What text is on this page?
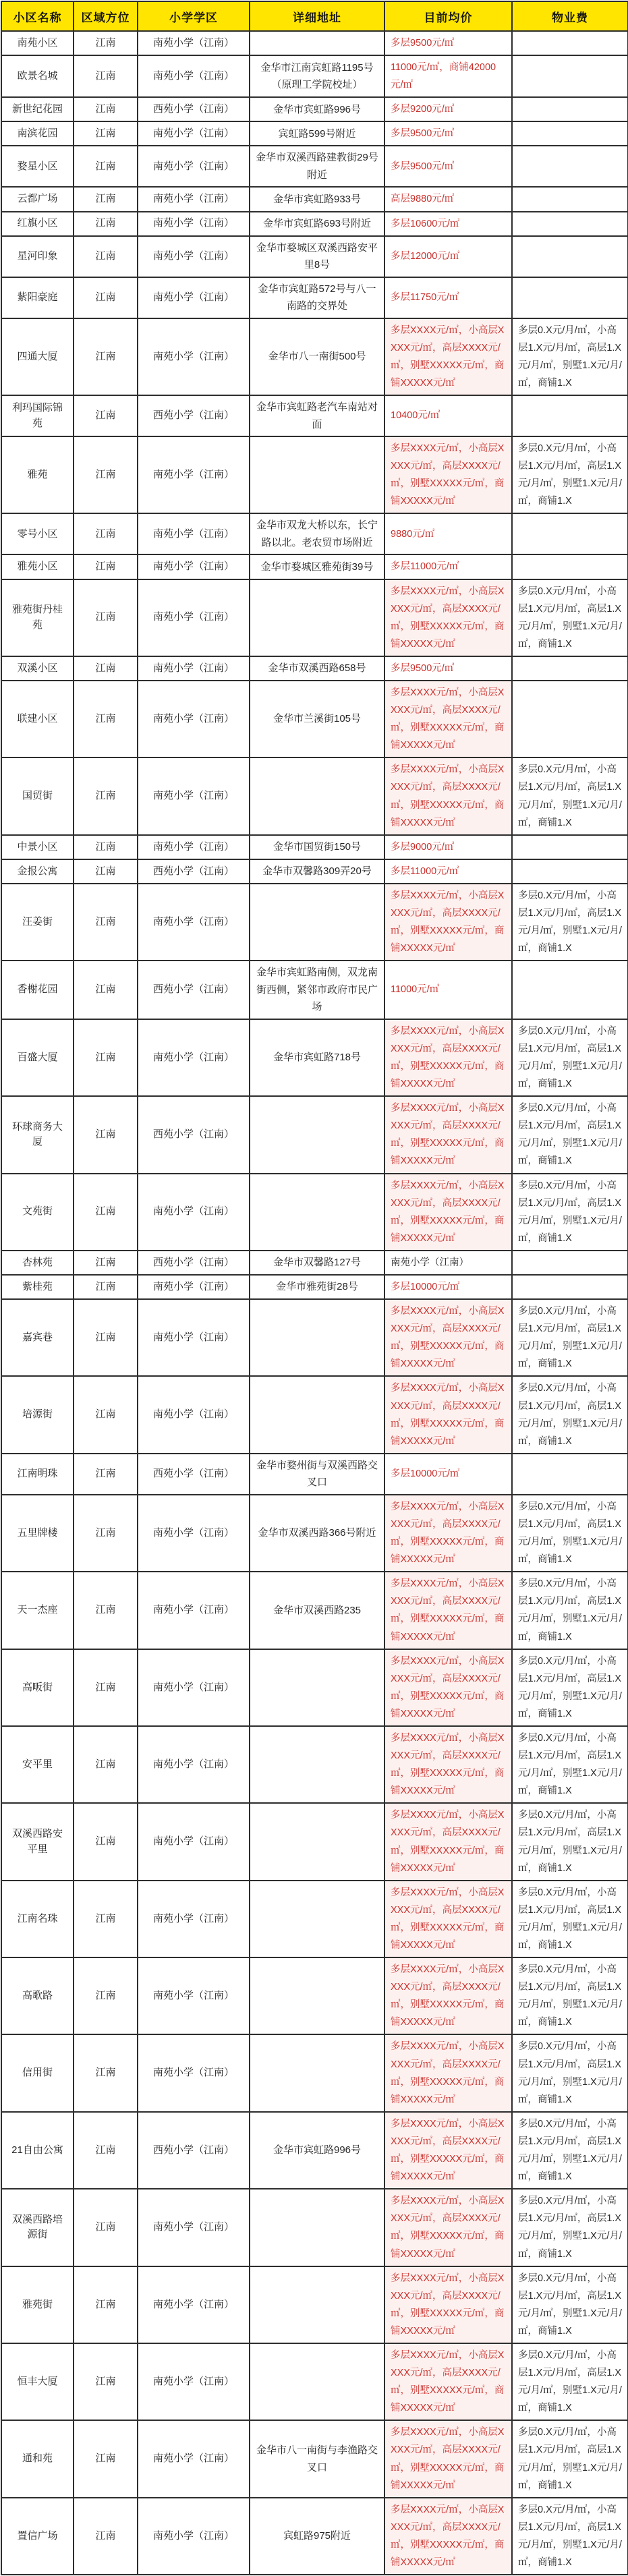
小区名称	区域方位	小学学区	详细地址	目前均价	物业费
南苑小区	江南	南苑小学（江南）		多层9500元/㎡	
欧景名城	江南	南苑小学（江南）	金华市江南宾虹路1195号（原理工学院校址）	11000元/㎡，商铺42000元/㎡	
新世纪花园	江南	西苑小学（江南）	金华市宾虹路996号	多层9200元/㎡	
南滨花园	江南	南苑小学（江南）	宾虹路599号附近	多层9500元/㎡	
婺星小区	江南	南苑小学（江南）	金华市双溪西路建教街29号附近	多层9500元/㎡	
云都广场	江南	南苑小学（江南）	金华市宾虹路933号	高层9880元/㎡	
红旗小区	江南	南苑小学（江南）	金华市宾虹路693号附近	多层10600元/㎡	
星河印象	江南	南苑小学（江南）	金华市婺城区双溪西路安平里8号	多层12000元/㎡	
紫阳豪庭	江南	南苑小学（江南）	金华市宾虹路572号与八一南路的交界处	多层11750元/㎡	
四通大厦	江南	南苑小学（江南）	金华市八一南街500号	多层XXXX元/㎡，小高层XXXX元/㎡，高层XXXX元/㎡，别墅XXXXX元/㎡，商铺XXXXX元/㎡	多层0.X元/月/㎡，小高层1.X元/月/㎡，高层1.X元/月/㎡，别墅1.X元/月/㎡，商铺1.X
利玛国际锦苑	江南	西苑小学（江南）	金华市宾虹路老汽车南站对面	10400元/㎡	
雅苑	江南	南苑小学（江南）		多层XXXX元/㎡，小高层XXXX元/㎡，高层XXXX元/㎡，别墅XXXXX元/㎡，商铺XXXXX元/㎡	多层0.X元/月/㎡，小高层1.X元/月/㎡，高层1.X元/月/㎡，别墅1.X元/月/㎡，商铺1.X
零号小区	江南	南苑小学（江南）	金华市双龙大桥以东，长宁路以北。老农贸市场附近	9880元/㎡	
雅苑小区	江南	南苑小学（江南）	金华市婺城区雅苑街39号	多层11000元/㎡	
雅苑街丹桂苑	江南	南苑小学（江南）		多层XXXX元/㎡，小高层XXXX元/㎡，高层XXXX元/㎡，别墅XXXXX元/㎡，商铺XXXXX元/㎡	多层0.X元/月/㎡，小高层1.X元/月/㎡，高层1.X元/月/㎡，别墅1.X元/月/㎡，商铺1.X
双溪小区	江南	南苑小学（江南）	金华市双溪西路658号	多层9500元/㎡	
联建小区	江南	南苑小学（江南）	金华市兰溪街105号	多层XXXX元/㎡，小高层XXXX元/㎡，高层XXXX元/㎡，别墅XXXXX元/㎡，商铺XXXXX元/㎡	
国贸街	江南	南苑小学（江南）		多层XXXX元/㎡，小高层XXXX元/㎡，高层XXXX元/㎡，别墅XXXXX元/㎡，商铺XXXXX元/㎡	多层0.X元/月/㎡，小高层1.X元/月/㎡，高层1.X元/月/㎡，别墅1.X元/月/㎡，商铺1.X
中景小区	江南	南苑小学（江南）	金华市国贸街150号	多层9000元/㎡	
金报公寓	江南	西苑小学（江南）	金华市双馨路309弄20号	多层11000元/㎡	
汪姜街	江南	南苑小学（江南）		多层XXXX元/㎡，小高层XXXX元/㎡，高层XXXX元/㎡，别墅XXXXX元/㎡，商铺XXXXX元/㎡	多层0.X元/月/㎡，小高层1.X元/月/㎡，高层1.X元/月/㎡，别墅1.X元/月/㎡，商铺1.X
香榭花园	江南	西苑小学（江南）	金华市宾虹路南侧，双龙南街西侧，紧邻市政府市民广场	11000元/㎡	
百盛大厦	江南	南苑小学（江南）	金华市宾虹路718号	多层XXXX元/㎡，小高层XXXX元/㎡，高层XXXX元/㎡，别墅XXXXX元/㎡，商铺XXXXX元/㎡	多层0.X元/月/㎡，小高层1.X元/月/㎡，高层1.X元/月/㎡，别墅1.X元/月/㎡，商铺1.X
环球商务大厦	江南	西苑小学（江南）		多层XXXX元/㎡，小高层XXXX元/㎡，高层XXXX元/㎡，别墅XXXXX元/㎡，商铺XXXXX元/㎡	多层0.X元/月/㎡，小高层1.X元/月/㎡，高层1.X元/月/㎡，别墅1.X元/月/㎡，商铺1.X
文苑街	江南	南苑小学（江南）		多层XXXX元/㎡，小高层XXXX元/㎡，高层XXXX元/㎡，别墅XXXXX元/㎡，商铺XXXXX元/㎡	多层0.X元/月/㎡，小高层1.X元/月/㎡，高层1.X元/月/㎡，别墅1.X元/月/㎡，商铺1.X
杏林苑	江南	西苑小学（江南）	金华市双馨路127号	南苑小学（江南）	
紫桂苑	江南	南苑小学（江南）	金华市雅苑街28号	多层10000元/㎡	
嘉宾巷	江南	南苑小学（江南）		多层XXXX元/㎡，小高层XXXX元/㎡，高层XXXX元/㎡，别墅XXXXX元/㎡，商铺XXXXX元/㎡	多层0.X元/月/㎡，小高层1.X元/月/㎡，高层1.X元/月/㎡，别墅1.X元/月/㎡，商铺1.X
培源街	江南	南苑小学（江南）		多层XXXX元/㎡，小高层XXXX元/㎡，高层XXXX元/㎡，别墅XXXXX元/㎡，商铺XXXXX元/㎡	多层0.X元/月/㎡，小高层1.X元/月/㎡，高层1.X元/月/㎡，别墅1.X元/月/㎡，商铺1.X
江南明珠	江南	西苑小学（江南）	金华市婺州街与双溪西路交叉口	多层10000元/㎡	
五里牌楼	江南	南苑小学（江南）	金华市双溪西路366号附近	多层XXXX元/㎡，小高层XXXX元/㎡，高层XXXX元/㎡，别墅XXXXX元/㎡，商铺XXXXX元/㎡	多层0.X元/月/㎡，小高层1.X元/月/㎡，高层1.X元/月/㎡，别墅1.X元/月/㎡，商铺1.X
天一杰座	江南	南苑小学（江南）	金华市双溪西路235	多层XXXX元/㎡，小高层XXXX元/㎡，高层XXXX元/㎡，别墅XXXXX元/㎡，商铺XXXXX元/㎡	多层0.X元/月/㎡，小高层1.X元/月/㎡，高层1.X元/月/㎡，别墅1.X元/月/㎡，商铺1.X
高畈街	江南	南苑小学（江南）		多层XXXX元/㎡，小高层XXXX元/㎡，高层XXXX元/㎡，别墅XXXXX元/㎡，商铺XXXXX元/㎡	多层0.X元/月/㎡，小高层1.X元/月/㎡，高层1.X元/月/㎡，别墅1.X元/月/㎡，商铺1.X
安平里	江南	南苑小学（江南）		多层XXXX元/㎡，小高层XXXX元/㎡，高层XXXX元/㎡，别墅XXXXX元/㎡，商铺XXXXX元/㎡	多层0.X元/月/㎡，小高层1.X元/月/㎡，高层1.X元/月/㎡，别墅1.X元/月/㎡，商铺1.X
双溪西路安平里	江南	南苑小学（江南）		多层XXXX元/㎡，小高层XXXX元/㎡，高层XXXX元/㎡，别墅XXXXX元/㎡，商铺XXXXX元/㎡	多层0.X元/月/㎡，小高层1.X元/月/㎡，高层1.X元/月/㎡，别墅1.X元/月/㎡，商铺1.X
江南名珠	江南	南苑小学（江南）		多层XXXX元/㎡，小高层XXXX元/㎡，高层XXXX元/㎡，别墅XXXXX元/㎡，商铺XXXXX元/㎡	多层0.X元/月/㎡，小高层1.X元/月/㎡，高层1.X元/月/㎡，别墅1.X元/月/㎡，商铺1.X
高歌路	江南	南苑小学（江南）		多层XXXX元/㎡，小高层XXXX元/㎡，高层XXXX元/㎡，别墅XXXXX元/㎡，商铺XXXXX元/㎡	多层0.X元/月/㎡，小高层1.X元/月/㎡，高层1.X元/月/㎡，别墅1.X元/月/㎡，商铺1.X
信用街	江南	南苑小学（江南）		多层XXXX元/㎡，小高层XXXX元/㎡，高层XXXX元/㎡，别墅XXXXX元/㎡，商铺XXXXX元/㎡	多层0.X元/月/㎡，小高层1.X元/月/㎡，高层1.X元/月/㎡，别墅1.X元/月/㎡，商铺1.X
21自由公寓	江南	西苑小学（江南）	金华市宾虹路996号	多层XXXX元/㎡，小高层XXXX元/㎡，高层XXXX元/㎡，别墅XXXXX元/㎡，商铺XXXXX元/㎡	多层0.X元/月/㎡，小高层1.X元/月/㎡，高层1.X元/月/㎡，别墅1.X元/月/㎡，商铺1.X
双溪西路培源街	江南	南苑小学（江南）		多层XXXX元/㎡，小高层XXXX元/㎡，高层XXXX元/㎡，别墅XXXXX元/㎡，商铺XXXXX元/㎡	多层0.X元/月/㎡，小高层1.X元/月/㎡，高层1.X元/月/㎡，别墅1.X元/月/㎡，商铺1.X
雅苑街	江南	南苑小学（江南）		多层XXXX元/㎡，小高层XXXX元/㎡，高层XXXX元/㎡，别墅XXXXX元/㎡，商铺XXXXX元/㎡	多层0.X元/月/㎡，小高层1.X元/月/㎡，高层1.X元/月/㎡，别墅1.X元/月/㎡，商铺1.X
恒丰大厦	江南	南苑小学（江南）		多层XXXX元/㎡，小高层XXXX元/㎡，高层XXXX元/㎡，别墅XXXXX元/㎡，商铺XXXXX元/㎡	多层0.X元/月/㎡，小高层1.X元/月/㎡，高层1.X元/月/㎡，别墅1.X元/月/㎡，商铺1.X
通和苑	江南	南苑小学（江南）	金华市八一南街与李渔路交叉口	多层XXXX元/㎡，小高层XXXX元/㎡，高层XXXX元/㎡，别墅XXXXX元/㎡，商铺XXXXX元/㎡	多层0.X元/月/㎡，小高层1.X元/月/㎡，高层1.X元/月/㎡，别墅1.X元/月/㎡，商铺1.X
置信广场	江南	南苑小学（江南）	宾虹路975附近	多层XXXX元/㎡，小高层XXXX元/㎡，高层XXXX元/㎡，别墅XXXXX元/㎡，商铺XXXXX元/㎡	多层0.X元/月/㎡，小高层1.X元/月/㎡，高层1.X元/月/㎡，别墅1.X元/月/㎡，商铺1.X
